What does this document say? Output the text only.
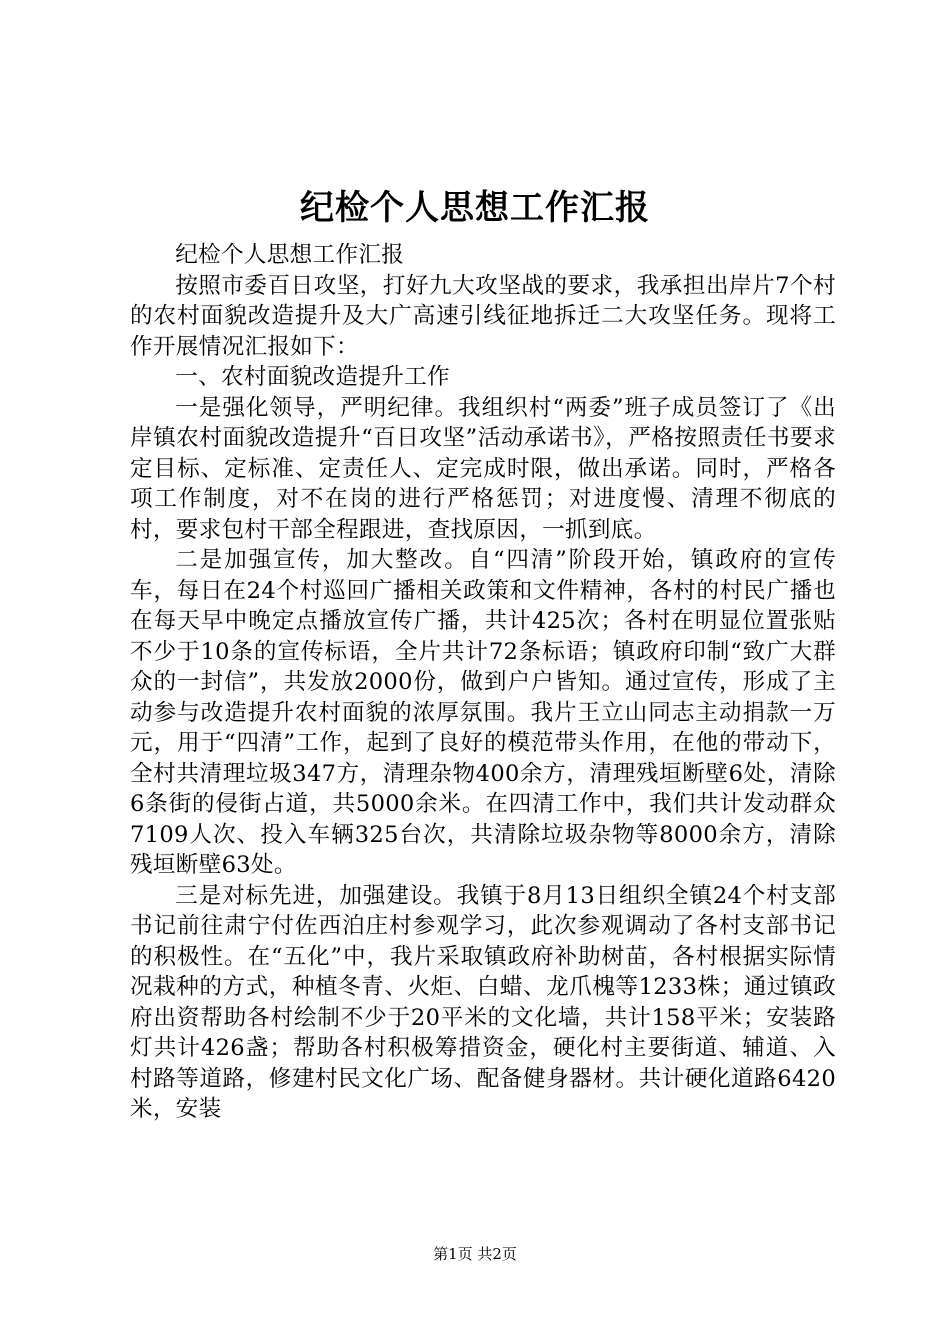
纪检个人思想工作汇报

纪检个人思想工作汇报

按照市委百日攻坚，打好九大攻坚战的要求，我承担出岸片7个村的农村面貌改造提升及大广高速引线征地拆迁二大攻坚任务。现将工作开展情况汇报如下：

一、农村面貌改造提升工作

一是强化领导，严明纪律。我组织村“两委”班子成员签订了《出岸镇农村面貌改造提升“百日攻坚”活动承诺书》，严格按照责任书要求定目标、定标准、定责任人、定完成时限，做出承诺。同时，严格各项工作制度，对不在岗的进行严格惩罚；对进度慢、清理不彻底的村，要求包村干部全程跟进，查找原因，一抓到底。

二是加强宣传，加大整改。自“四清”阶段开始，镇政府的宣传车，每日在24个村巡回广播相关政策和文件精神，各村的村民广播也在每天早中晚定点播放宣传广播，共计425次；各村在明显位置张贴不少于10条的宣传标语，全片共计72条标语；镇政府印制“致广大群众的一封信”，共发放2000份，做到户户皆知。通过宣传，形成了主动参与改造提升农村面貌的浓厚氛围。我片王立山同志主动捐款一万元，用于“四清”工作，起到了良好的模范带头作用，在他的带动下，全村共清理垃圾347方，清理杂物400余方，清理残垣断壁6处，清除6条街的侵街占道，共5000余米。在四清工作中，我们共计发动群众7109人次、投入车辆325台次，共清除垃圾杂物等8000余方，清除残垣断壁63处。

三是对标先进，加强建设。我镇于8月13日组织全镇24个村支部书记前往肃宁付佐西泊庄村参观学习，此次参观调动了各村支部书记的积极性。在“五化”中，我片采取镇政府补助树苗，各村根据实际情况栽种的方式，种植冬青、火炬、白蜡、龙爪槐等1233株；通过镇政府出资帮助各村绘制不少于20平米的文化墙，共计158平米；安装路灯共计426盏；帮助各村积极筹措资金，硬化村主要街道、辅道、入村路等道路，修建村民文化广场、配备健身器材。共计硬化道路6420米，安装

第1页 共2页
